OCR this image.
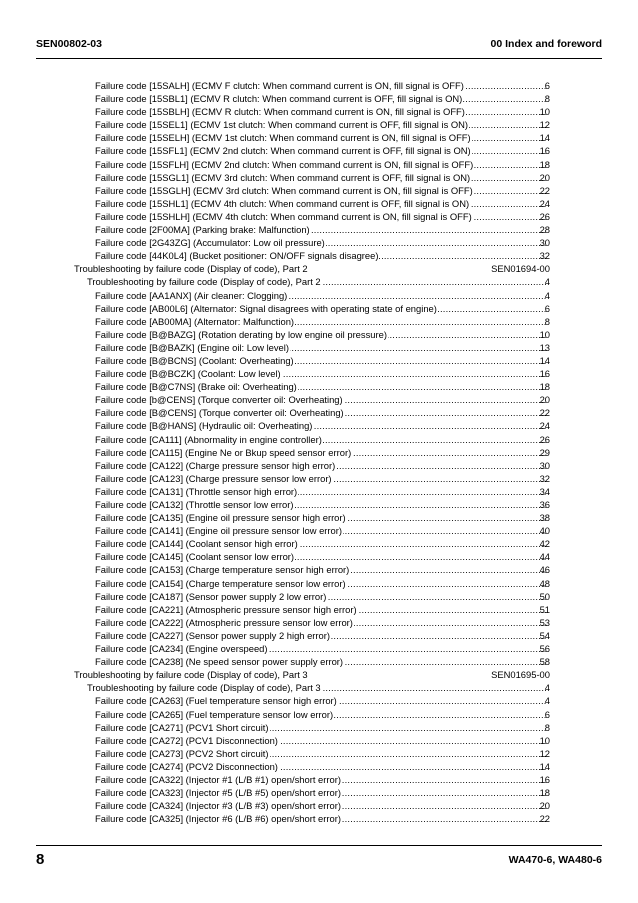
SEN00802-03	00 Index and foreword
Failure code [15SALH] (ECMV F clutch: When command current is ON, fill signal is OFF) .....	6
Failure code [15SBL1] (ECMV R clutch: When command current is OFF, fill signal is ON) .....	8
Failure code [15SBLH] (ECMV R clutch: When command current is ON, fill signal is OFF) .....	10
Failure code [15SEL1] (ECMV 1st clutch: When command current is OFF, fill signal is ON) .....	12
Failure code [15SELH] (ECMV 1st clutch: When command current is ON, fill signal is OFF) .....	14
Failure code [15SFL1] (ECMV 2nd clutch: When command current is OFF, fill signal is ON) .....	16
Failure code [15SFLH] (ECMV 2nd clutch: When command current is ON, fill signal is OFF) .....	18
Failure code [15SGL1] (ECMV 3rd clutch: When command current is OFF, fill signal is ON) .....	20
Failure code [15SGLH] (ECMV 3rd clutch: When command current is ON, fill signal is OFF) .....	22
Failure code [15SHL1] (ECMV 4th clutch: When command current is OFF, fill signal is ON) .....	24
Failure code [15SHLH] (ECMV 4th clutch: When command current is ON, fill signal is OFF) .....	26
Failure code [2F00MA] (Parking brake: Malfunction) .....	28
Failure code [2G43ZG] (Accumulator: Low oil pressure) .....	30
Failure code [44K0L4] (Bucket positioner: ON/OFF signals disagree) .....	32
Troubleshooting by failure code (Display of code), Part 2	SEN01694-00
Troubleshooting by failure code (Display of code), Part 2 .....	4
Failure code [AA1ANX] (Air cleaner: Clogging) .....	4
Failure code [AB00L6] (Alternator: Signal disagrees with operating state of engine) .....	6
Failure code [AB00MA] (Alternator: Malfunction) .....	8
Failure code [B@BAZG] (Rotation derating by low engine oil pressure) .....	10
Failure code [B@BAZK] (Engine oil: Low level) .....	13
Failure code [B@BCNS] (Coolant: Overheating) .....	14
Failure code [B@BCZK] (Coolant: Low level) .....	16
Failure code [B@C7NS] (Brake oil: Overheating) .....	18
Failure code [b@CENS] (Torque converter oil: Overheating) .....	20
Failure code [B@CENS] (Torque converter oil: Overheating) .....	22
Failure code [B@HANS] (Hydraulic oil: Overheating) .....	24
Failure code [CA111] (Abnormality in engine controller) .....	26
Failure code [CA115] (Engine Ne or Bkup speed sensor error) .....	29
Failure code [CA122] (Charge pressure sensor high error) .....	30
Failure code [CA123] (Charge pressure sensor low error) .....	32
Failure code [CA131] (Throttle sensor high error) .....	34
Failure code [CA132] (Throttle sensor low error) .....	36
Failure code [CA135] (Engine oil pressure sensor high error) .....	38
Failure code [CA141] (Engine oil pressure sensor low error) .....	40
Failure code [CA144] (Coolant sensor high error) .....	42
Failure code [CA145] (Coolant sensor low error) .....	44
Failure code [CA153] (Charge temperature sensor high error) .....	46
Failure code [CA154] (Charge temperature sensor low error) .....	48
Failure code [CA187] (Sensor power supply 2 low error) .....	50
Failure code [CA221] (Atmospheric pressure sensor high error) .....	51
Failure code [CA222] (Atmospheric pressure sensor low error) .....	53
Failure code [CA227] (Sensor power supply 2 high error) .....	54
Failure code [CA234] (Engine overspeed) .....	56
Failure code [CA238] (Ne speed sensor power supply error) .....	58
Troubleshooting by failure code (Display of code), Part 3	SEN01695-00
Troubleshooting by failure code (Display of code), Part 3 .....	4
Failure code [CA263] (Fuel temperature sensor high error) .....	4
Failure code [CA265] (Fuel temperature sensor low error) .....	6
Failure code [CA271] (PCV1 Short circuit) .....	8
Failure code [CA272] (PCV1 Disconnection) .....	10
Failure code [CA273] (PCV2 Short circuit) .....	12
Failure code [CA274] (PCV2 Disconnection) .....	14
Failure code [CA322] (Injector #1 (L/B #1) open/short error) .....	16
Failure code [CA323] (Injector #5 (L/B #5) open/short error) .....	18
Failure code [CA324] (Injector #3 (L/B #3) open/short error) .....	20
Failure code [CA325] (Injector #6 (L/B #6) open/short error) .....	22
8	WA470-6, WA480-6
